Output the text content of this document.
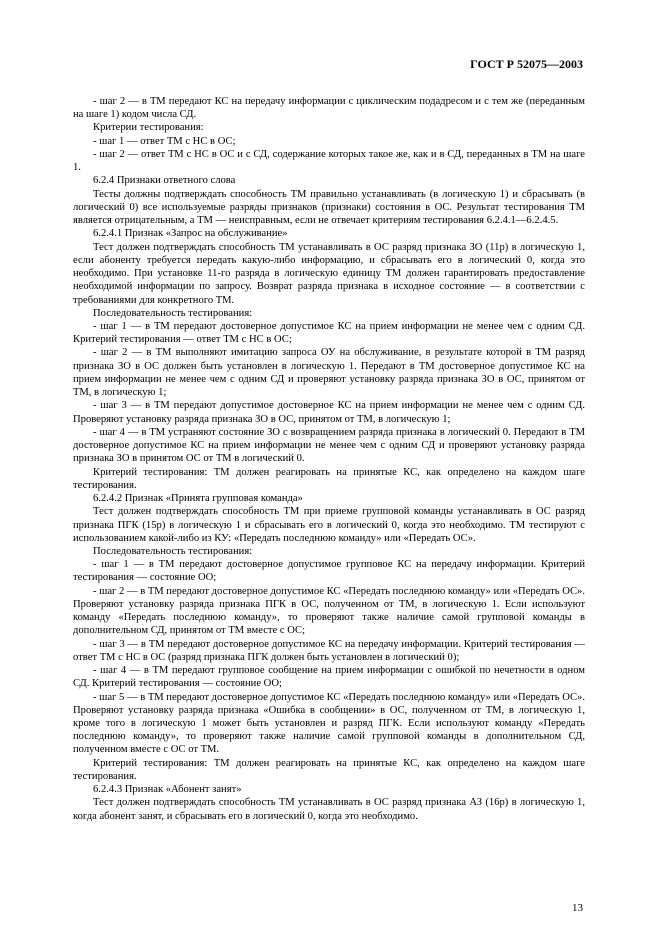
ГОСТ Р 52075—2003

- шаг 2 — в ТМ передают КС на передачу информации с циклическим подадресом и с тем же (переданным на шаге 1) кодом числа СД.

Критерии тестирования:

- шаг 1 — ответ ТМ с НС в ОС;

- шаг 2 — ответ ТМ с НС в ОС и с СД, содержание которых такое же, как и в СД, переданных в ТМ на шаге 1.

6.2.4 Признаки ответного слова

Тесты должны подтверждать способность ТМ правильно устанавливать (в логическую 1) и сбрасывать (в логический 0) все используемые разряды признаков (признаки) состояния в ОС. Результат тестирования ТМ является отрицательным, а ТМ — неисправным, если не отвечает критериям тестирования 6.2.4.1—6.2.4.5.

6.2.4.1 Признак «Запрос на обслуживание»

Тест должен подтверждать способность ТМ устанавливать в ОС разряд признака ЗО (11р) в логическую 1, если абоненту требуется передать какую-либо информацию, и сбрасывать его в логический 0, когда это необходимо. При установке 11-го разряда в логическую единицу ТМ должен гарантировать предоставление необходимой информации по запросу. Возврат разряда признака в исходное состояние — в соответствии с требованиями для конкретного ТМ.

Последовательность тестирования:

- шаг 1 — в ТМ передают достоверное допустимое КС на прием информации не менее чем с одним СД. Критерий тестирования — ответ ТМ с НС в ОС;

- шаг 2 — в ТМ выполняют имитацию запроса ОУ на обслуживание, в результате которой в ТМ разряд признака ЗО в ОС должен быть установлен в логическую 1. Передают в ТМ достоверное допустимое КС на прием информации не менее чем с одним СД и проверяют установку разряда признака ЗО в ОС, принятом от ТМ, в логическую 1;

- шаг 3 — в ТМ передают допустимое достоверное КС на прием информации не менее чем с одним СД. Проверяют установку разряда признака ЗО в ОС, принятом от ТМ, в логическую 1;

- шаг 4 — в ТМ устраняют состояние ЗО с возвращением разряда признака в логический 0. Передают в ТМ достоверное допустимое КС на прием информации не менее чем с одним СД и проверяют установку разряда признака ЗО в принятом ОС от ТМ в логический 0.

Критерий тестирования: ТМ должен реагировать на принятые КС, как определено на каждом шаге тестирования.

6.2.4.2 Признак «Принята групповая команда»

Тест должен подтверждать способность ТМ при приеме групповой команды устанавливать в ОС разряд признака ПГК (15р) в логическую 1 и сбрасывать его в логический 0, когда это необходимо. ТМ тестируют с использованием какой-либо из КУ: «Передать последнюю команду» или «Передать ОС».

Последовательность тестирования:

- шаг 1 — в ТМ передают достоверное допустимое групповое КС на передачу информации. Критерий тестирования — состояние ОО;

- шаг 2 — в ТМ передают достоверное допустимое КС «Передать последнюю команду» или «Передать ОС». Проверяют установку разряда признака ПГК в ОС, полученном от ТМ, в логическую 1. Если используют команду «Передать последнюю команду», то проверяют также наличие самой групповой команды в дополнительном СД, принятом от ТМ вместе с ОС;

- шаг 3 — в ТМ передают достоверное допустимое КС на передачу информации. Критерий тестирования — ответ ТМ с НС в ОС (разряд признака ПГК должен быть установлен в логический 0);

- шаг 4 — в ТМ передают групповое сообщение на прием информации с ошибкой по нечетности в одном СД. Критерий тестирования — состояние ОО;

- шаг 5 — в ТМ передают достоверное допустимое КС «Передать последнюю команду» или «Передать ОС». Проверяют установку разряда признака «Ошибка в сообщении» в ОС, полученном от ТМ, в логическую 1, кроме того в логическую 1 может быть установлен и разряд ПГК. Если используют команду «Передать последнюю команду», то проверяют также наличие самой групповой команды в дополнительном СД, полученном вместе с ОС от ТМ.

Критерий тестирования: ТМ должен реагировать на принятые КС, как определено на каждом шаге тестирования.

6.2.4.3 Признак «Абонент занят»

Тест должен подтверждать способность ТМ устанавливать в ОС разряд признака АЗ (16р) в логическую 1, когда абонент занят, и сбрасывать его в логический 0, когда это необходимо.

13
